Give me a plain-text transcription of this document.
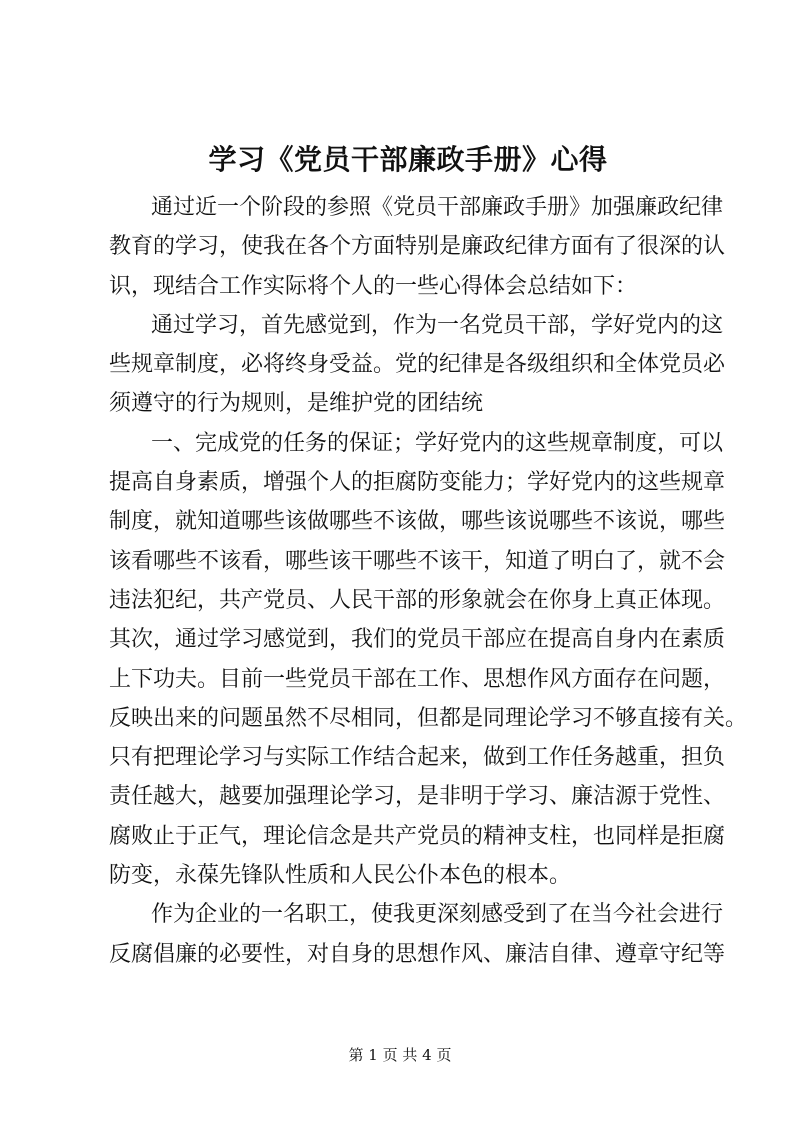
学习《党员干部廉政手册》心得
通过近一个阶段的参照《党员干部廉政手册》加强廉政纪律
教育的学习，使我在各个方面特别是廉政纪律方面有了很深的认
识，现结合工作实际将个人的一些心得体会总结如下：
通过学习，首先感觉到，作为一名党员干部，学好党内的这
些规章制度，必将终身受益。党的纪律是各级组织和全体党员必
须遵守的行为规则，是维护党的团结统
一、完成党的任务的保证；学好党内的这些规章制度，可以
提高自身素质，增强个人的拒腐防变能力；学好党内的这些规章
制度，就知道哪些该做哪些不该做，哪些该说哪些不该说，哪些
该看哪些不该看，哪些该干哪些不该干，知道了明白了，就不会
违法犯纪，共产党员、人民干部的形象就会在你身上真正体现。
其次，通过学习感觉到，我们的党员干部应在提高自身内在素质
上下功夫。目前一些党员干部在工作、思想作风方面存在问题，
反映出来的问题虽然不尽相同，但都是同理论学习不够直接有关。
只有把理论学习与实际工作结合起来，做到工作任务越重，担负
责任越大，越要加强理论学习，是非明于学习、廉洁源于党性、
腐败止于正气，理论信念是共产党员的精神支柱，也同样是拒腐
防变，永葆先锋队性质和人民公仆本色的根本。
作为企业的一名职工，使我更深刻感受到了在当今社会进行
反腐倡廉的必要性，对自身的思想作风、廉洁自律、遵章守纪等
第 1 页 共 4 页
